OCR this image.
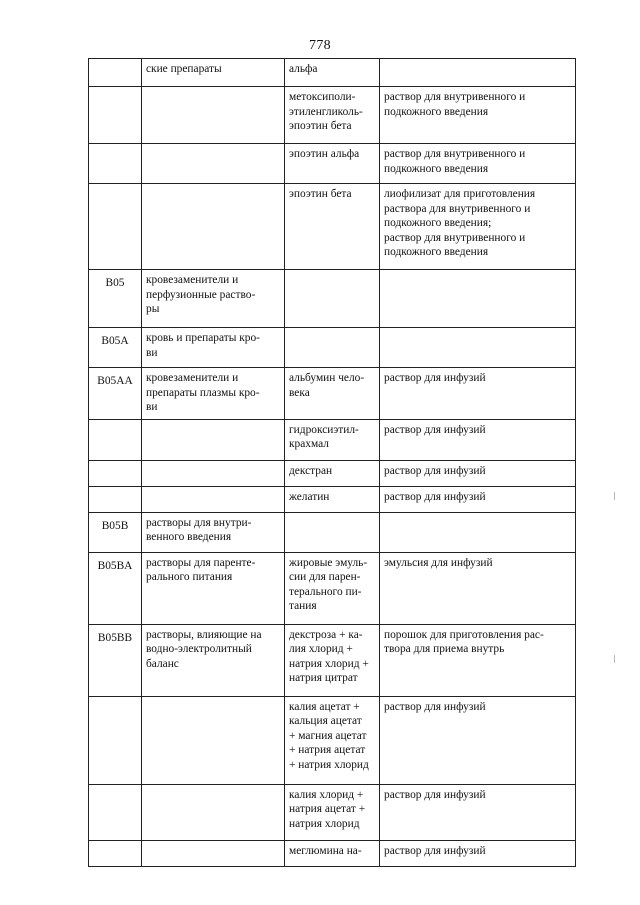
778
	ские препараты	альфа	
		метоксиполи-
этиленгликоль-
эпоэтин бета	раствор для внутривенного и
подкожного введения
		эпоэтин альфа	раствор для внутривенного и
подкожного введения
		эпоэтин бета	лиофилизат для приготовления
раствора для внутривенного и
подкожного введения;
раствор для внутривенного и
подкожного введения
B05	кровезаменители и
перфузионные раство-
ры		
B05A	кровь и препараты кро-
ви		
B05AA	кровезаменители и
препараты плазмы кро-
ви	альбумин чело-
века	раствор для инфузий
		гидроксиэтил-
крахмал	раствор для инфузий
		декстран	раствор для инфузий
		желатин	раствор для инфузий
B05B	растворы для внутри-
венного введения		
B05BA	растворы для паренте-
рального питания	жировые эмуль-
сии для парен-
терального пи-
тания	эмульсия для инфузий
B05BB	растворы, влияющие на
водно-электролитный
баланс	декстроза + ка-
лия хлорид +
натрия хлорид +
натрия цитрат	порошок для приготовления рас-
твора для приема внутрь
		калия ацетат +
кальция ацетат
+ магния ацетат
+ натрия ацетат
+ натрия хлорид	раствор для инфузий
		калия хлорид +
натрия ацетат +
натрия хлорид	раствор для инфузий
		меглюмина на-	раствор для инфузий
